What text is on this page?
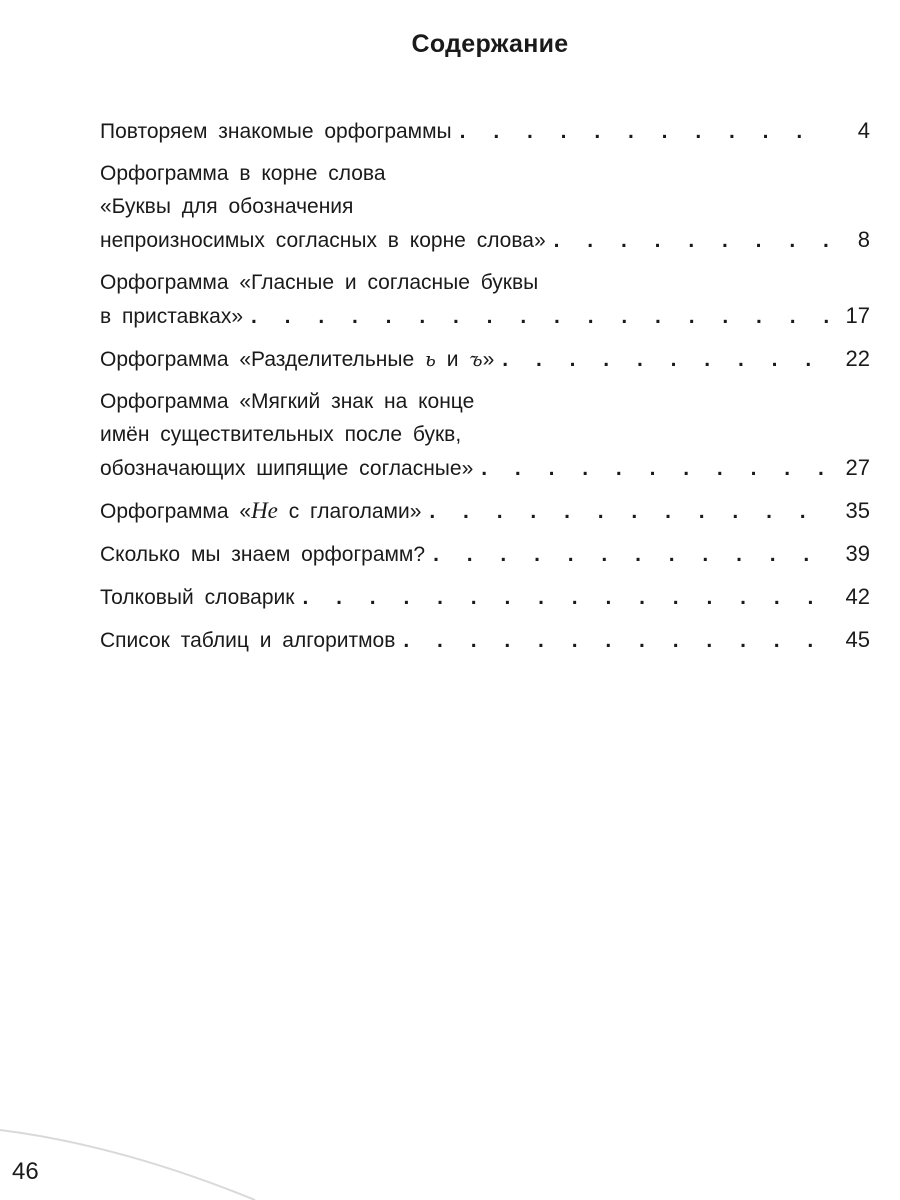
Содержание
Повторяем знакомые орфограммы . . .	4
Орфограмма в корне слова
«Буквы для обозначения
непроизносимых согласных в корне слова» . . .	8
Орфограмма «Гласные и согласные буквы
в приставках» . . .	17
Орфограмма «Разделительные ь и ъ» . . .	22
Орфограмма «Мягкий знак на конце
имён существительных после букв,
обозначающих шипящие согласные» . . .	27
Орфограмма «Не с глаголами» . . .	35
Сколько мы знаем орфограмм? . . .	39
Толковый словарик . . .	42
Список таблиц и алгоритмов . . .	45
46
